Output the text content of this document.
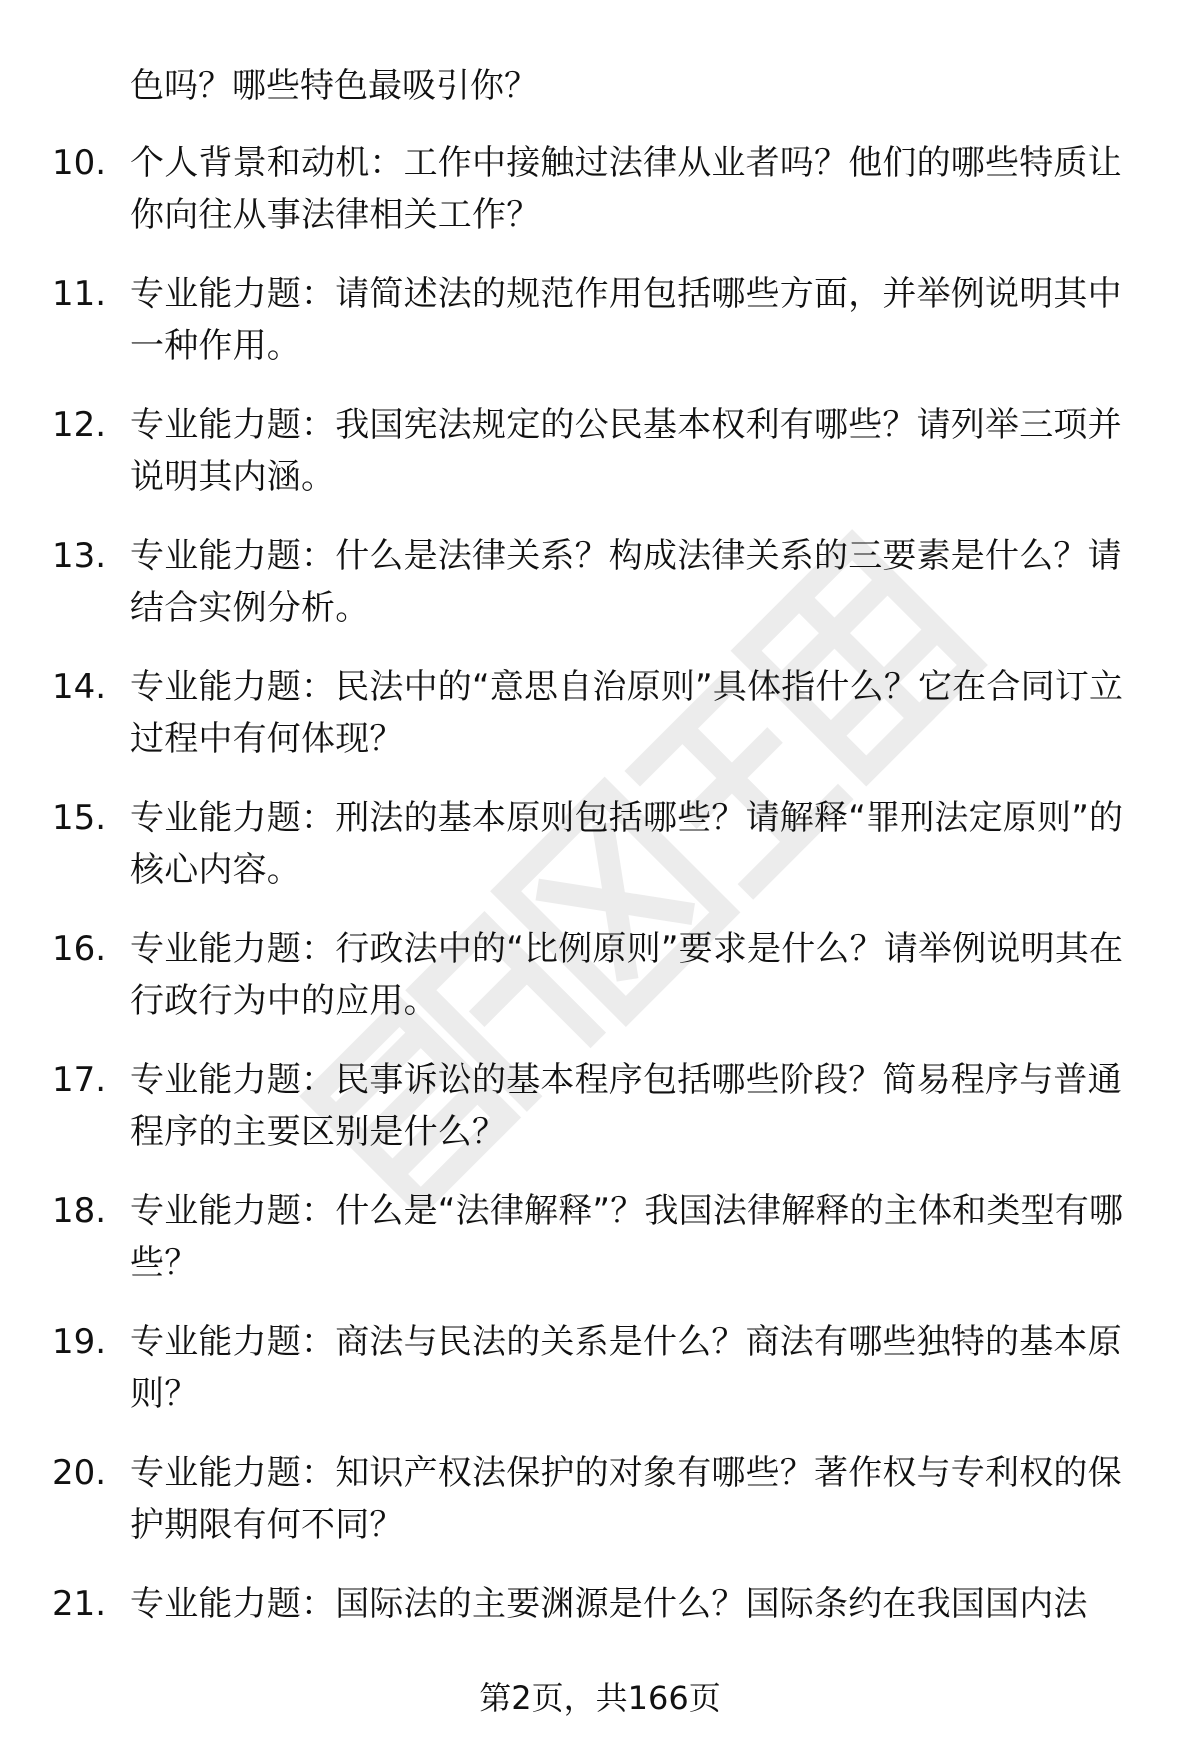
色吗？哪些特色最吸引你？
10. 个人背景和动机：工作中接触过法律从业者吗？他们的哪些特质让你向往从事法律相关工作？
11. 专业能力题：请简述法的规范作用包括哪些方面，并举例说明其中一种作用。
12. 专业能力题：我国宪法规定的公民基本权利有哪些？请列举三项并说明其内涵。
13. 专业能力题：什么是法律关系？构成法律关系的三要素是什么？请结合实例分析。
14. 专业能力题：民法中的“意思自治原则”具体指什么？它在合同订立过程中有何体现？
15. 专业能力题：刑法的基本原则包括哪些？请解释“罪刑法定原则”的核心内容。
16. 专业能力题：行政法中的“比例原则”要求是什么？请举例说明其在行政行为中的应用。
17. 专业能力题：民事诉讼的基本程序包括哪些阶段？简易程序与普通程序的主要区别是什么？
18. 专业能力题：什么是“法律解释”？我国法律解释的主体和类型有哪些？
19. 专业能力题：商法与民法的关系是什么？商法有哪些独特的基本原则？
20. 专业能力题：知识产权法保护的对象有哪些？著作权与专利权的保护期限有何不同？
21. 专业能力题：国际法的主要渊源是什么？国际条约在我国国内法
第2页，共166页
